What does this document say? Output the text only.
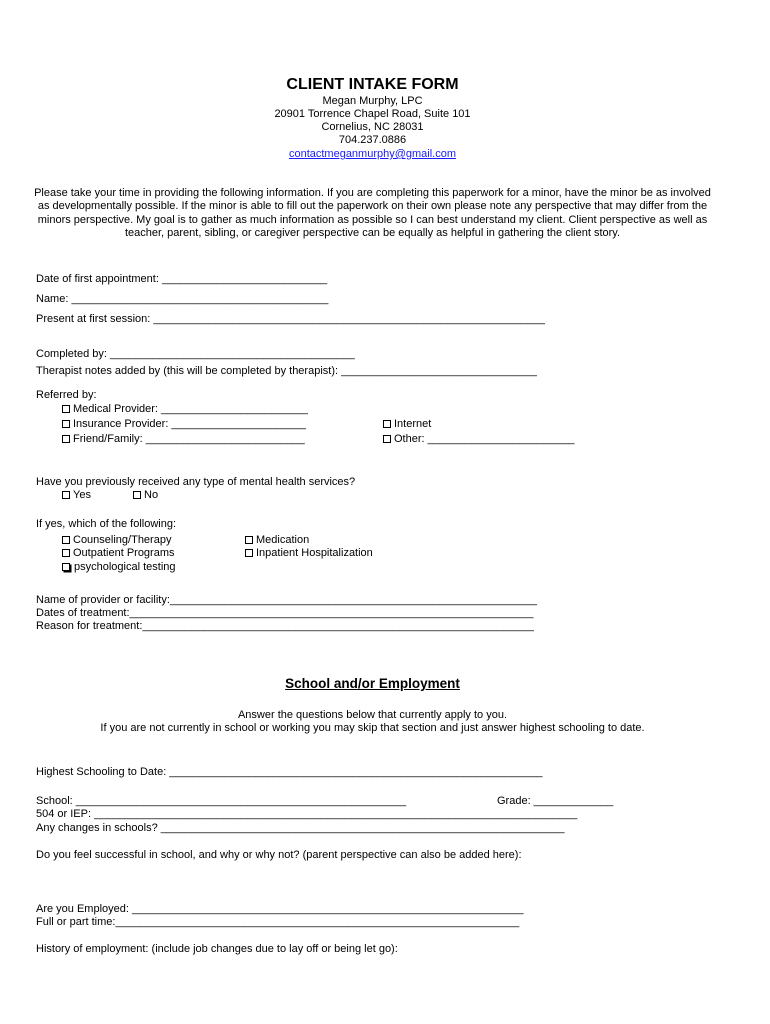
CLIENT INTAKE FORM
Megan Murphy, LPC
20901 Torrence Chapel Road, Suite 101
Cornelius, NC 28031
704.237.0886
contactmeganmurphy@gmail.com
Please take your time in providing the following information. If you are completing this paperwork for a minor, have the minor be as involved as developmentally possible. If the minor is able to fill out the paperwork on their own please note any perspective that may differ from the minors perspective. My goal is to gather as much information as possible so I can best understand my client. Client perspective as well as teacher, parent, sibling, or caregiver perspective can be equally as helpful in gathering the client story.
Date of first appointment: ___________________________
Name: __________________________________________
Present at first session: ________________________________________________________________
Completed by: ________________________________________
Therapist notes added by (this will be completed by therapist): ________________________________
Referred by:
Medical Provider: ________________________
Insurance Provider: ______________________
Friend/Family: __________________________
Internet
Other: ________________________
Have you previously received any type of mental health services?
Yes	No
If yes, which of the following:
Counseling/Therapy
Outpatient Programs
psychological testing
Medication
Inpatient Hospitalization
Name of provider or facility:____________________________________________________________
Dates of treatment:__________________________________________________________________
Reason for treatment:________________________________________________________________
School and/or Employment
Answer the questions below that currently apply to you.
If you are not currently in school or working you may skip that section and just answer highest schooling to date.
Highest Schooling to Date: _____________________________________________________________
School: ______________________________________________________	Grade: _____________
504 or IEP: _______________________________________________________________________________
Any changes in schools? __________________________________________________________________
Do you feel successful in school, and why or why not? (parent perspective can also be added here):
Are you Employed: ________________________________________________________________
Full or part time:__________________________________________________________________
History of employment: (include job changes due to lay off or being let go):
